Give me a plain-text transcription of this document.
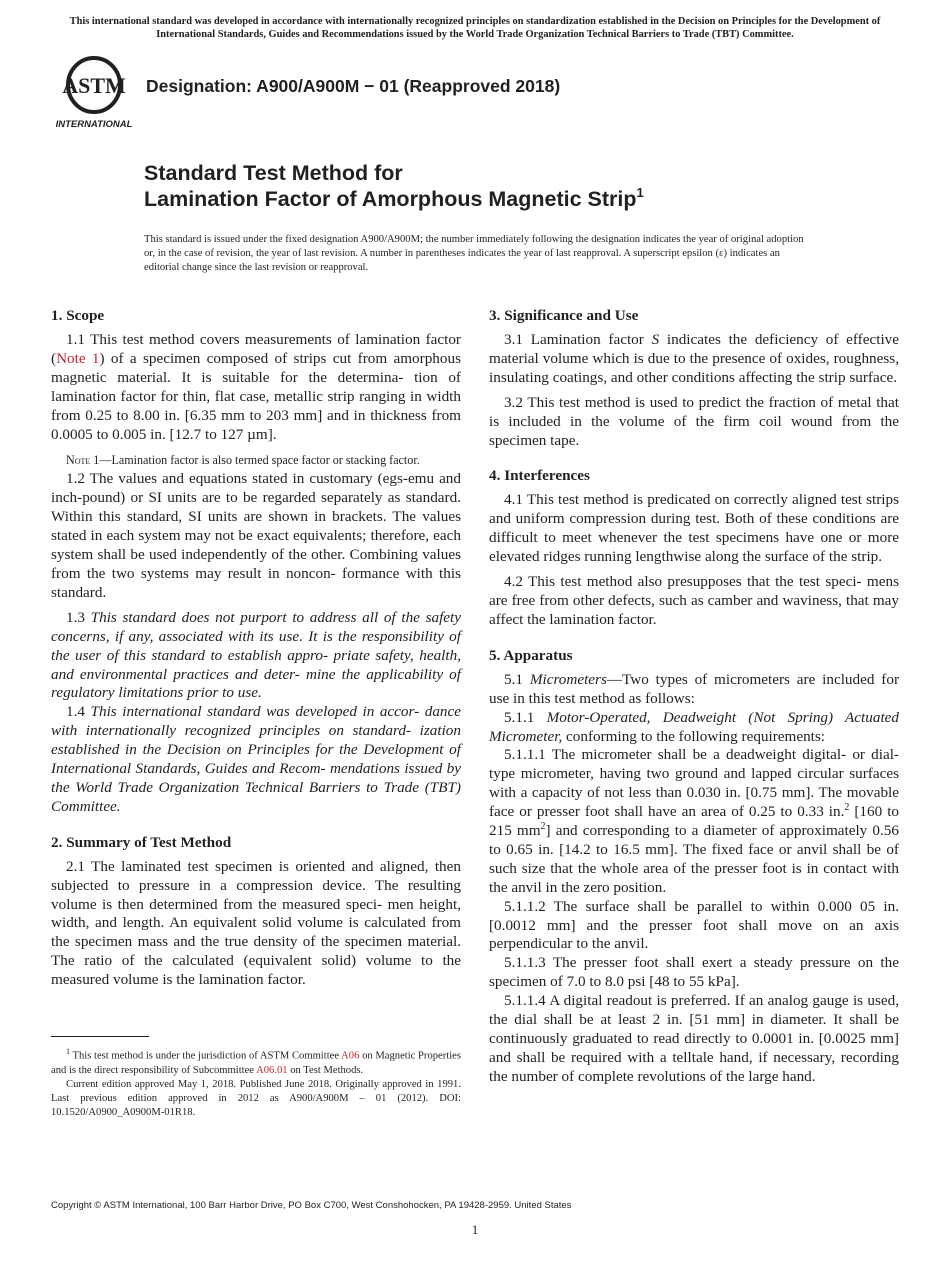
This international standard was developed in accordance with internationally recognized principles on standardization established in the Decision on Principles for the Development of International Standards, Guides and Recommendations issued by the World Trade Organization Technical Barriers to Trade (TBT) Committee.
ASTM
INTERNATIONAL
Designation: A900/A900M − 01 (Reapproved 2018)
Standard Test Method for
Lamination Factor of Amorphous Magnetic Strip$^1$
This standard is issued under the fixed designation A900/A900M; the number immediately following the designation indicates the year of original adoption or, in the case of revision, the year of last revision. A number in parentheses indicates the year of last reapproval. A superscript epsilon (ε) indicates an editorial change since the last revision or reapproval.
1. Scope

1.1 This test method covers measurements of lamination factor (Note 1) of a specimen composed of strips cut from amorphous magnetic material. It is suitable for the determina- tion of lamination factor for thin, flat case, metallic strip ranging in width from 0.25 to 8.00 in. [6.35 mm to 203 mm] and in thickness from 0.0005 to 0.005 in. [12.7 to 127 µm].

Note 1—Lamination factor is also termed space factor or stacking factor.

1.2 The values and equations stated in customary (egs-emu and inch-pound) or SI units are to be regarded separately as standard. Within this standard, SI units are shown in brackets. The values stated in each system may not be exact equivalents; therefore, each system shall be used independently of the other. Combining values from the two systems may result in noncon- formance with this standard.

1.3 This standard does not purport to address all of the safety concerns, if any, associated with its use. It is the responsibility of the user of this standard to establish appro- priate safety, health, and environmental practices and deter- mine the applicability of regulatory limitations prior to use.

1.4 This international standard was developed in accor- dance with internationally recognized principles on standard- ization established in the Decision on Principles for the Development of International Standards, Guides and Recom- mendations issued by the World Trade Organization Technical Barriers to Trade (TBT) Committee.

2. Summary of Test Method

2.1 The laminated test specimen is oriented and aligned, then subjected to pressure in a compression device. The resulting volume is then determined from the measured speci- men height, width, and length. An equivalent solid volume is calculated from the specimen mass and the true density of the specimen material. The ratio of the calculated (equivalent solid) volume to the measured volume is the lamination factor.

3. Significance and Use

3.1 Lamination factor S indicates the deficiency of effective material volume which is due to the presence of oxides, roughness, insulating coatings, and other conditions affecting the strip surface.

3.2 This test method is used to predict the fraction of metal that is included in the volume of the firm coil wound from the specimen tape.

4. Interferences

4.1 This test method is predicated on correctly aligned test strips and uniform compression during test. Both of these conditions are difficult to meet whenever the test specimens have one or more elevated ridges running lengthwise along the surface of the strip.

4.2 This test method also presupposes that the test speci- mens are free from other defects, such as camber and waviness, that may affect the lamination factor.

5. Apparatus

5.1 Micrometers—Two types of micrometers are included for use in this test method as follows:

5.1.1 Motor-Operated, Deadweight (Not Spring) Actuated Micrometer, conforming to the following requirements:

5.1.1.1 The micrometer shall be a deadweight digital- or dial-type micrometer, having two ground and lapped circular surfaces with a capacity of not less than 0.030 in. [0.75 mm]. The movable face or presser foot shall have an area of 0.25 to 0.33 in.$^2$ [160 to 215 $mm^2$] and corresponding to a diameter of approximately 0.56 to 0.65 in. [14.2 to 16.5 mm]. The fixed face or anvil shall be of such size that the whole area of the presser foot is in contact with the anvil in the zero position.

5.1.1.2 The surface shall be parallel to within 0.000 05 in. [0.0012 mm] and the presser foot shall move on an axis perpendicular to the anvil.

5.1.1.3 The presser foot shall exert a steady pressure on the specimen of 7.0 to 8.0 psi [48 to 55 kPa].

5.1.1.4 A digital readout is preferred. If an analog gauge is used, the dial shall be at least 2 in. [51 mm] in diameter. It shall be continuously graduated to read directly to 0.0001 in. [0.0025 mm] and shall be required with a telltale hand, if necessary, recording the number of complete revolutions of the large hand.

$^1$ This test method is under the jurisdiction of ASTM Committee A06 on Magnetic Properties and is the direct responsibility of Subcommittee A06.01 on Test Methods.
Current edition approved May 1, 2018. Published June 2018. Originally approved in 1991. Last previous edition approved in 2012 as A900/A900M – 01 (2012). DOI: 10.1520/A0900_A0900M-01R18.
Copyright © ASTM International, 100 Barr Harbor Drive, PO Box C700, West Conshohocken, PA 19428-2959. United States
1
